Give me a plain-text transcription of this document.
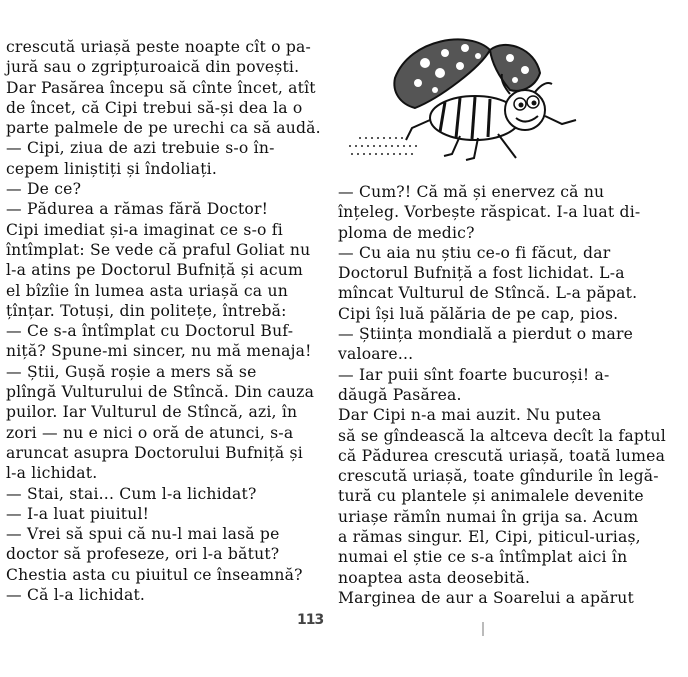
crescută uriașă peste noapte cît o pa-
jură sau o zgripțuroaică din povești.
Dar Pasărea începu să cînte încet, atît
de încet, că Cipi trebui să-și dea la o
parte palmele de pe urechi ca să audă.
— Cipi, ziua de azi trebuie s-o în-
cepem liniștiți și îndoliați.
— De ce?
— Pădurea a rămas fără Doctor!
Cipi imediat și-a imaginat ce s-o fi
întîmplat: Se vede că praful Goliat nu
l-a atins pe Doctorul Bufniță și acum
el bîzîie în lumea asta uriașă ca un
țînțar. Totuși, din politețe, întrebă:
— Ce s-a întîmplat cu Doctorul Buf-
niță? Spune-mi sincer, nu mă menaja!
— Știi, Gușă roșie a mers să se
plîngă Vulturului de Stîncă. Din cauza
puilor. Iar Vulturul de Stîncă, azi, în
zori — nu e nici o oră de atunci, s-a
aruncat asupra Doctorului Bufniță și
l-a lichidat.
— Stai, stai... Cum l-a lichidat?
— I-a luat piuitul!
— Vrei să spui că nu-l mai lasă pe
doctor să profeseze, ori l-a bătut?
Chestia asta cu piuitul ce înseamnă?
— Că l-a lichidat.
— Cum?! Că mă și enervez că nu
înțeleg. Vorbește răspicat. I-a luat di-
ploma de medic?
— Cu aia nu știu ce-o fi făcut, dar
Doctorul Bufniță a fost lichidat. L-a
mîncat Vulturul de Stîncă. L-a păpat.
Cipi își luă pălăria de pe cap, pios.
— Știința mondială a pierdut o mare
valoare...
— Iar puii sînt foarte bucuroși! a-
dăugă Pasărea.
Dar Cipi n-a mai auzit. Nu putea
să se gîndească la altceva decît la faptul
că Pădurea crescută uriașă, toată lumea
crescută uriașă, toate gîndurile în legă-
tură cu plantele și animalele devenite
uriașe rămîn numai în grija sa. Acum
a rămas singur. El, Cipi, piticul-uriaș,
numai el știe ce s-a întîmplat aici în
noaptea asta deosebită.
Marginea de aur a Soarelui a apărut
113
